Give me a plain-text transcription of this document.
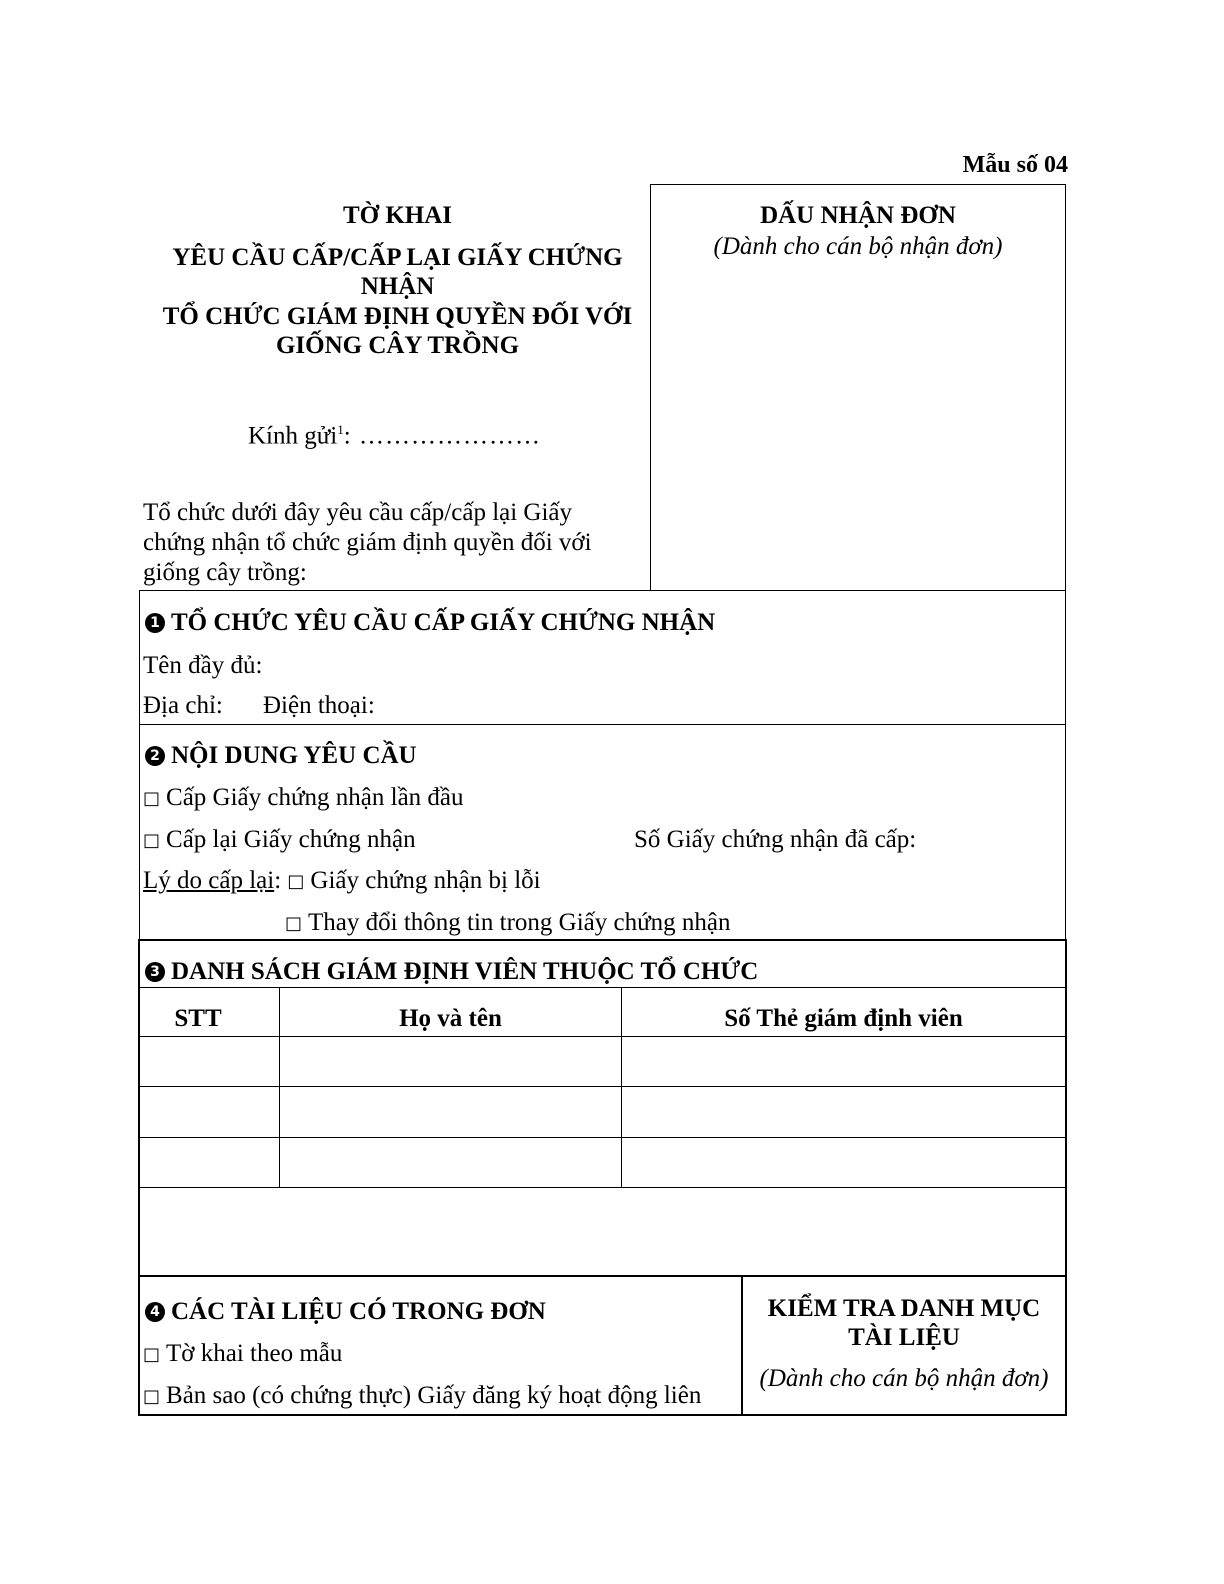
Mẫu số 04
TỜ KHAI
YÊU CẦU CẤP/CẤP LẠI GIẤY CHỨNG
NHẬN
TỔ CHỨC GIÁM ĐỊNH QUYỀN ĐỐI VỚI
GIỐNG CÂY TRỒNG
Kính gửi$^1$: …………………
Tổ chức dưới đây yêu cầu cấp/cấp lại Giấy
chứng nhận tổ chức giám định quyền đối với
giống cây trồng:
DẤU NHẬN ĐƠN
(Dành cho cán bộ nhận đơn)
1 TỔ CHỨC YÊU CẦU CẤP GIẤY CHỨNG NHẬN
Tên đầy đủ:
Địa chỉ: Điện thoại:
2 NỘI DUNG YÊU CẦU
□ Cấp Giấy chứng nhận lần đầu
□ Cấp lại Giấy chứng nhận	Số Giấy chứng nhận đã cấp:
Lý do cấp lại: □ Giấy chứng nhận bị lỗi
□ Thay đổi thông tin trong Giấy chứng nhận
3 DANH SÁCH GIÁM ĐỊNH VIÊN THUỘC TỔ CHỨC
STT	Họ và tên	Số Thẻ giám định viên
4 CÁC TÀI LIỆU CÓ TRONG ĐƠN
□ Tờ khai theo mẫu
□ Bản sao (có chứng thực) Giấy đăng ký hoạt động liên
KIỂM TRA DANH MỤC
TÀI LIỆU
(Dành cho cán bộ nhận đơn)
